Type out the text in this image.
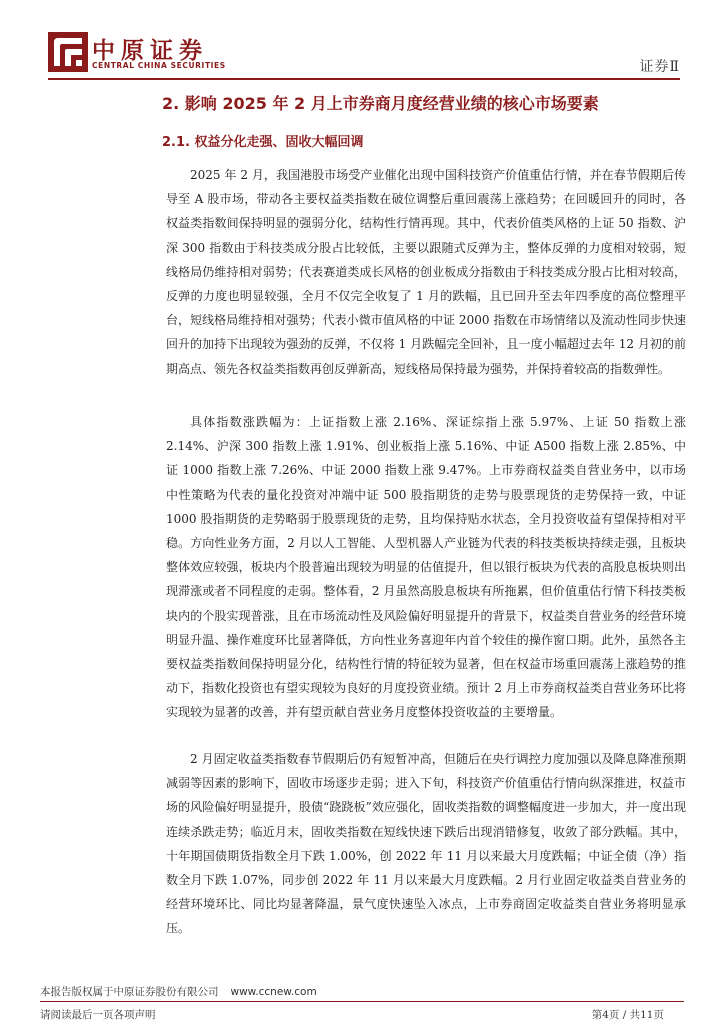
中原证券
CENTRAL CHINA SECURITIES	证券Ⅱ
2. 影响 2025 年 2 月上市券商月度经营业绩的核心市场要素
2.1. 权益分化走强、固收大幅回调

2025 年 2 月，我国港股市场受产业催化出现中国科技资产价值重估行情，并在春节假期后传导至 A 股市场，带动各主要权益类指数在破位调整后重回震荡上涨趋势；在回暖回升的同时，各权益类指数间保持明显的强弱分化，结构性行情再现。其中，代表价值类风格的上证 50 指数、沪深 300 指数由于科技类成分股占比较低，主要以跟随式反弹为主，整体反弹的力度相对较弱，短线格局仍维持相对弱势；代表赛道类成长风格的创业板成分指数由于科技类成分股占比相对较高，反弹的力度也明显较强，全月不仅完全收复了 1 月的跌幅，且已回升至去年四季度的高位整理平台，短线格局维持相对强势；代表小微市值风格的中证 2000 指数在市场情绪以及流动性同步快速回升的加持下出现较为强劲的反弹，不仅将 1 月跌幅完全回补，且一度小幅超过去年 12 月初的前期高点、领先各权益类指数再创反弹新高，短线格局保持最为强势，并保持着较高的指数弹性。

具体指数涨跌幅为：上证指数上涨 2.16%、深证综指上涨 5.97%、上证 50 指数上涨 2.14%、沪深 300 指数上涨 1.91%、创业板指上涨 5.16%、中证 A500 指数上涨 2.85%、中证 1000 指数上涨 7.26%、中证 2000 指数上涨 9.47%。上市券商权益类自营业务中，以市场中性策略为代表的量化投资对冲端中证 500 股指期货的走势与股票现货的走势保持一致，中证 1000 股指期货的走势略弱于股票现货的走势，且均保持贴水状态，全月投资收益有望保持相对平稳。方向性业务方面，2 月以人工智能、人型机器人产业链为代表的科技类板块持续走强，且板块整体效应较强，板块内个股普遍出现较为明显的估值提升，但以银行板块为代表的高股息板块则出现滞涨或者不同程度的走弱。整体看，2 月虽然高股息板块有所拖累，但价值重估行情下科技类板块内的个股实现普涨，且在市场流动性及风险偏好明显提升的背景下，权益类自营业务的经营环境明显升温、操作难度环比显著降低，方向性业务喜迎年内首个较佳的操作窗口期。此外，虽然各主要权益类指数间保持明显分化，结构性行情的特征较为显著，但在权益市场重回震荡上涨趋势的推动下，指数化投资也有望实现较为良好的月度投资业绩。预计 2 月上市券商权益类自营业务环比将实现较为显著的改善，并有望贡献自营业务月度整体投资收益的主要增量。

2 月固定收益类指数春节假期后仍有短暂冲高，但随后在央行调控力度加强以及降息降准预期减弱等因素的影响下，固收市场逐步走弱；进入下旬，科技资产价值重估行情向纵深推进，权益市场的风险偏好明显提升，股债“跷跷板”效应强化，固收类指数的调整幅度进一步加大，并一度出现连续杀跌走势；临近月末，固收类指数在短线快速下跌后出现消错修复，收敛了部分跌幅。其中，十年期国债期货指数全月下跌 1.00%，创 2022 年 11 月以来最大月度跌幅；中证全债（净）指数全月下跌 1.07%，同步创 2022 年 11 月以来最大月度跌幅。2 月行业固定收益类自营业务的经营环境环比、同比均显著降温，景气度快速坠入冰点，上市券商固定收益类自营业务将明显承压。

本报告版权属于中原证券股份有限公司 www.ccnew.com
请阅读最后一页各项声明	第4页 / 共11页
